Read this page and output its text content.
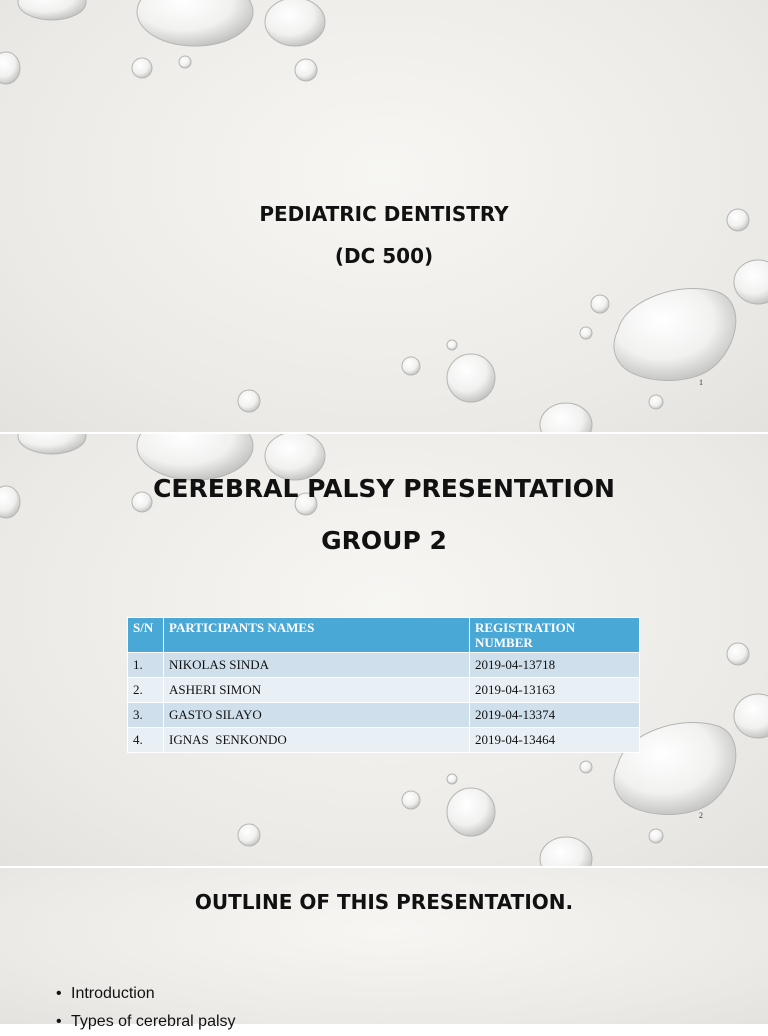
PEDIATRIC DENTISTRY
(DC 500)
1
CEREBRAL PALSY PRESENTATION
GROUP 2
S/N	PARTICIPANTS NAMES	REGISTRATION NUMBER
1.	NIKOLAS SINDA	2019-04-13718
2.	ASHERI SIMON	2019-04-13163
3.	GASTO SILAYO	2019-04-13374
4.	IGNAS  SENKONDO	2019-04-13464
2
OUTLINE OF THIS PRESENTATION.
• Introduction
• Types of cerebral palsy
